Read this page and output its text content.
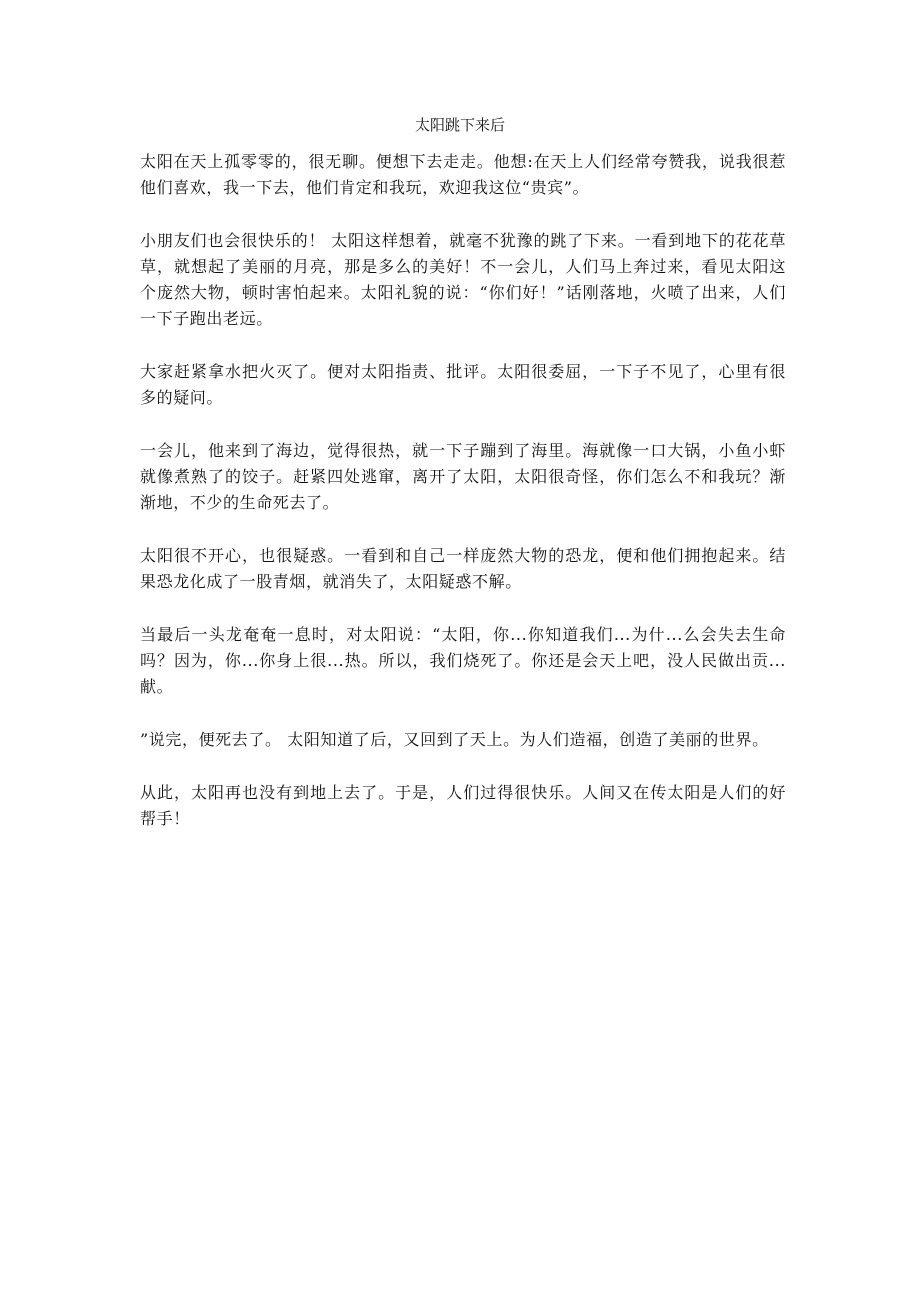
太阳跳下来后

太阳在天上孤零零的，很无聊。便想下去走走。他想:在天上人们经常夸赞我，说我很惹他们喜欢，我一下去，他们肯定和我玩，欢迎我这位“贵宾”。

小朋友们也会很快乐的！ 太阳这样想着，就毫不犹豫的跳了下来。一看到地下的花花草草，就想起了美丽的月亮，那是多么的美好！不一会儿，人们马上奔过来，看见太阳这个庞然大物，顿时害怕起来。太阳礼貌的说：“你们好！”话刚落地，火喷了出来，人们一下子跑出老远。

大家赶紧拿水把火灭了。便对太阳指责、批评。太阳很委屈，一下子不见了，心里有很多的疑问。

一会儿，他来到了海边，觉得很热，就一下子蹦到了海里。海就像一口大锅，小鱼小虾就像煮熟了的饺子。赶紧四处逃窜，离开了太阳，太阳很奇怪，你们怎么不和我玩？渐渐地，不少的生命死去了。

太阳很不开心，也很疑惑。一看到和自己一样庞然大物的恐龙，便和他们拥抱起来。结果恐龙化成了一股青烟，就消失了，太阳疑惑不解。

当最后一头龙奄奄一息时，对太阳说：“太阳，你...你知道我们...为什...么会失去生命吗？因为，你...你身上很...热。所以，我们烧死了。你还是会天上吧，没人民做出贡...献。

”说完，便死去了。 太阳知道了后，又回到了天上。为人们造福，创造了美丽的世界。

从此，太阳再也没有到地上去了。于是，人们过得很快乐。人间又在传太阳是人们的好帮手！
